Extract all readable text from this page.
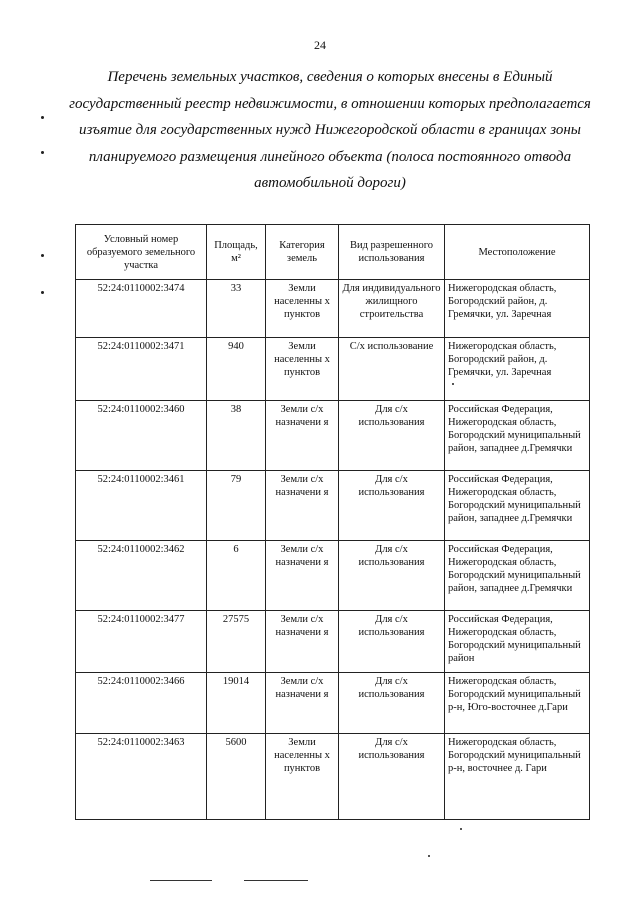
24
Перечень земельных участков, сведения о которых внесены в Единый
государственный реестр недвижимости, в отношении которых предполагается
изъятие для государственных нужд Нижегородской области в границах зоны
планируемого размещения линейного объекта (полоса постоянного отвода
автомобильной дороги)
Условный номер образуемого земельного участка	Площадь, м²	Категория земель	Вид разрешенного использования	Местоположение
52:24:0110002:3474	33	Земли населенны х пунктов	Для индивидуального жилищного строительства	Нижегородская область, Богородский район, д. Гремячки, ул. Заречная
52:24:0110002:3471	940	Земли населенны х пунктов	С/х использование	Нижегородская область, Богородский район, д. Гремячки, ул. Заречная
52:24:0110002:3460	38	Земли с/х назначени я	Для с/х использования	Российская Федерация, Нижегородская область, Богородский муниципальный район, западнее д.Гремячки
52:24:0110002:3461	79	Земли с/х назначени я	Для с/х использования	Российская Федерация, Нижегородская область, Богородский муниципальный район, западнее д.Гремячки
52:24:0110002:3462	6	Земли с/х назначени я	Для с/х использования	Российская Федерация, Нижегородская область, Богородский муниципальный район, западнее д.Гремячки
52:24:0110002:3477	27575	Земли с/х назначени я	Для с/х использования	Российская Федерация, Нижегородская область, Богородский муниципальный район
52:24:0110002:3466	19014	Земли с/х назначени я	Для с/х использования	Нижегородская область, Богородский муниципальный р-н, Юго-восточнее д.Гари
52:24:0110002:3463	5600	Земли населенны х пунктов	Для с/х использования	Нижегородская область, Богородский муниципальный р-н, восточнее д. Гари
